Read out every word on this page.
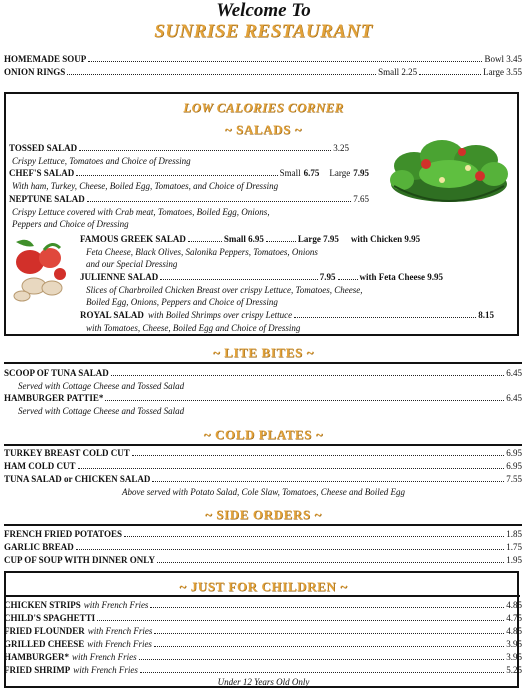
Welcome To
SUNRISE RESTAURANT
HOMEMADE SOUP	Bowl 3.45
ONION RINGS	Small 2.25	Large 3.55
LOW CALORIES CORNER
~ SALADS ~
TOSSED SALAD	3.25
Crispy Lettuce, Tomatoes and Choice of Dressing
CHEF'S SALAD	Small 6.75 Large 7.95
With ham, Turkey, Cheese, Boiled Egg, Tomatoes, and Choice of Dressing
NEPTUNE SALAD	7.65
Crispy Lettuce covered with Crab meat, Tomatoes, Boiled Egg, Onions,
Peppers and Choice of Dressing
FAMOUS GREEK SALAD	Small 6.95	Large 7.95 with Chicken 9.95
Feta Cheese, Black Olives, Salonika Peppers, Tomatoes, Onions
and our Special Dressing
JULIENNE SALAD	7.95	with Feta Cheese 9.95
Slices of Charbroiled Chicken Breast over crispy Lettuce, Tomatoes, Cheese,
Boiled Egg, Onions, Peppers and Choice of Dressing
ROYAL SALAD with Boiled Shrimps over crispy Lettuce	8.15
with Tomatoes, Cheese, Boiled Egg and Choice of Dressing
~ LITE BITES ~
SCOOP OF TUNA SALAD	6.45
Served with Cottage Cheese and Tossed Salad
HAMBURGER PATTIE*	6.45
Served with Cottage Cheese and Tossed Salad
~ COLD PLATES ~
TURKEY BREAST COLD CUT	6.95
HAM COLD CUT	6.95
TUNA SALAD or CHICKEN SALAD	7.55
Above served with Potato Salad, Cole Slaw, Tomatoes, Cheese and Boiled Egg
~ SIDE ORDERS ~
FRENCH FRIED POTATOES	1.85
GARLIC BREAD	1.75
CUP OF SOUP WITH DINNER ONLY	1.95
~ JUST FOR CHILDREN ~
CHICKEN STRIPS with French Fries	4.85
CHILD'S SPAGHETTI	4.75
FRIED FLOUNDER with French Fries	4.85
GRILLED CHEESE with French Fries	3.95
HAMBURGER* with French Fries	3.95
FRIED SHRIMP with French Fries	5.25
Under 12 Years Old Only
